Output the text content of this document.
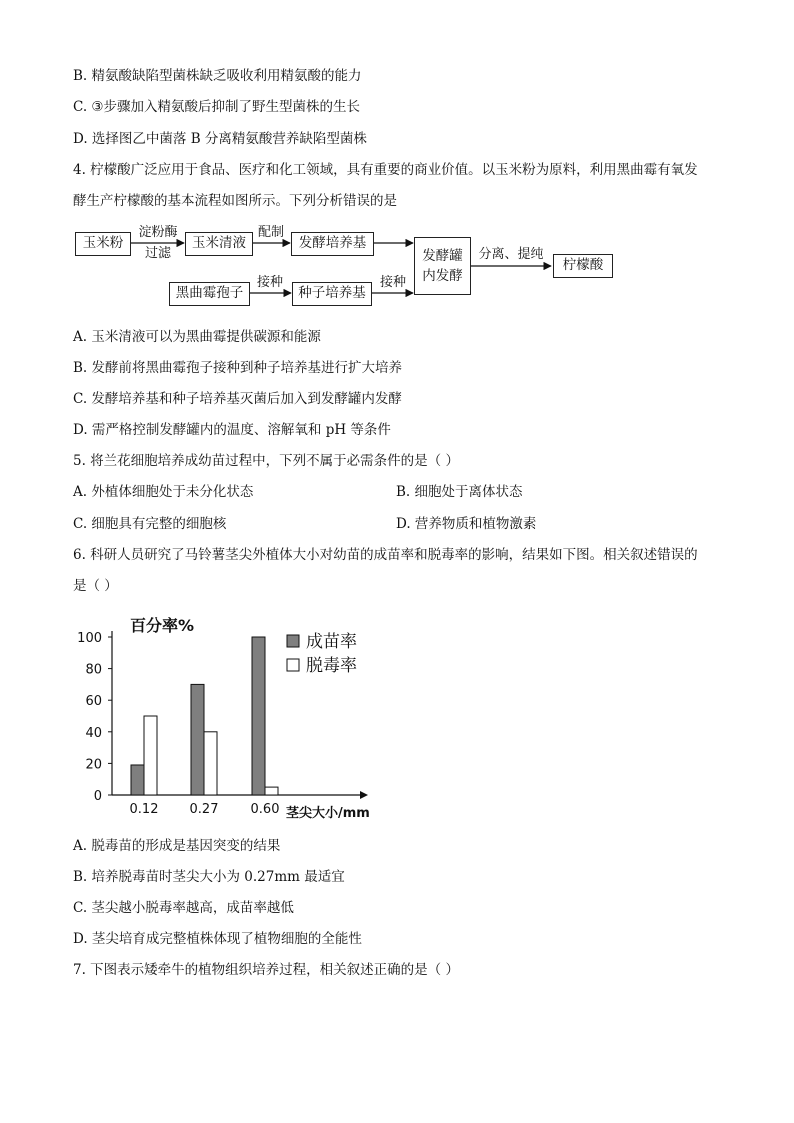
B. 精氨酸缺陷型菌株缺乏吸收利用精氨酸的能力
C. ③步骤加入精氨酸后抑制了野生型菌株的生长
D. 选择图乙中菌落 B 分离精氨酸营养缺陷型菌株
4. 柠檬酸广泛应用于食品、医疗和化工领域，具有重要的商业价值。以玉米粉为原料，利用黑曲霉有氧发
酵生产柠檬酸的基本流程如图所示。下列分析错误的是
玉米粉
淀粉酶
过滤
玉米清液
配制
发酵培养基
黑曲霉孢子
接种
种子培养基
接种
发酵罐
内发酵
分离、提纯
柠檬酸
A. 玉米清液可以为黑曲霉提供碳源和能源
B. 发酵前将黑曲霉孢子接种到种子培养基进行扩大培养
C. 发酵培养基和种子培养基灭菌后加入到发酵罐内发酵
D. 需严格控制发酵罐内的温度、溶解氧和 pH 等条件
5. 将兰花细胞培养成幼苗过程中，下列不属于必需条件的是（ ）
A. 外植体细胞处于未分化状态	B. 细胞处于离体状态
C. 细胞具有完整的细胞核	D. 营养物质和植物激素
6. 科研人员研究了马铃薯茎尖外植体大小对幼苗的成苗率和脱毒率的影响，结果如下图。相关叙述错误的
是（ ）
百分率%
0
20
40
60
80
100
0.12 0.27 0.60 茎尖大小/mm
成苗率
脱毒率
A. 脱毒苗的形成是基因突变的结果
B. 培养脱毒苗时茎尖大小为 0.27mm 最适宜
C. 茎尖越小脱毒率越高，成苗率越低
D. 茎尖培育成完整植株体现了植物细胞的全能性
7. 下图表示矮牵牛的植物组织培养过程，相关叙述正确的是（ ）
